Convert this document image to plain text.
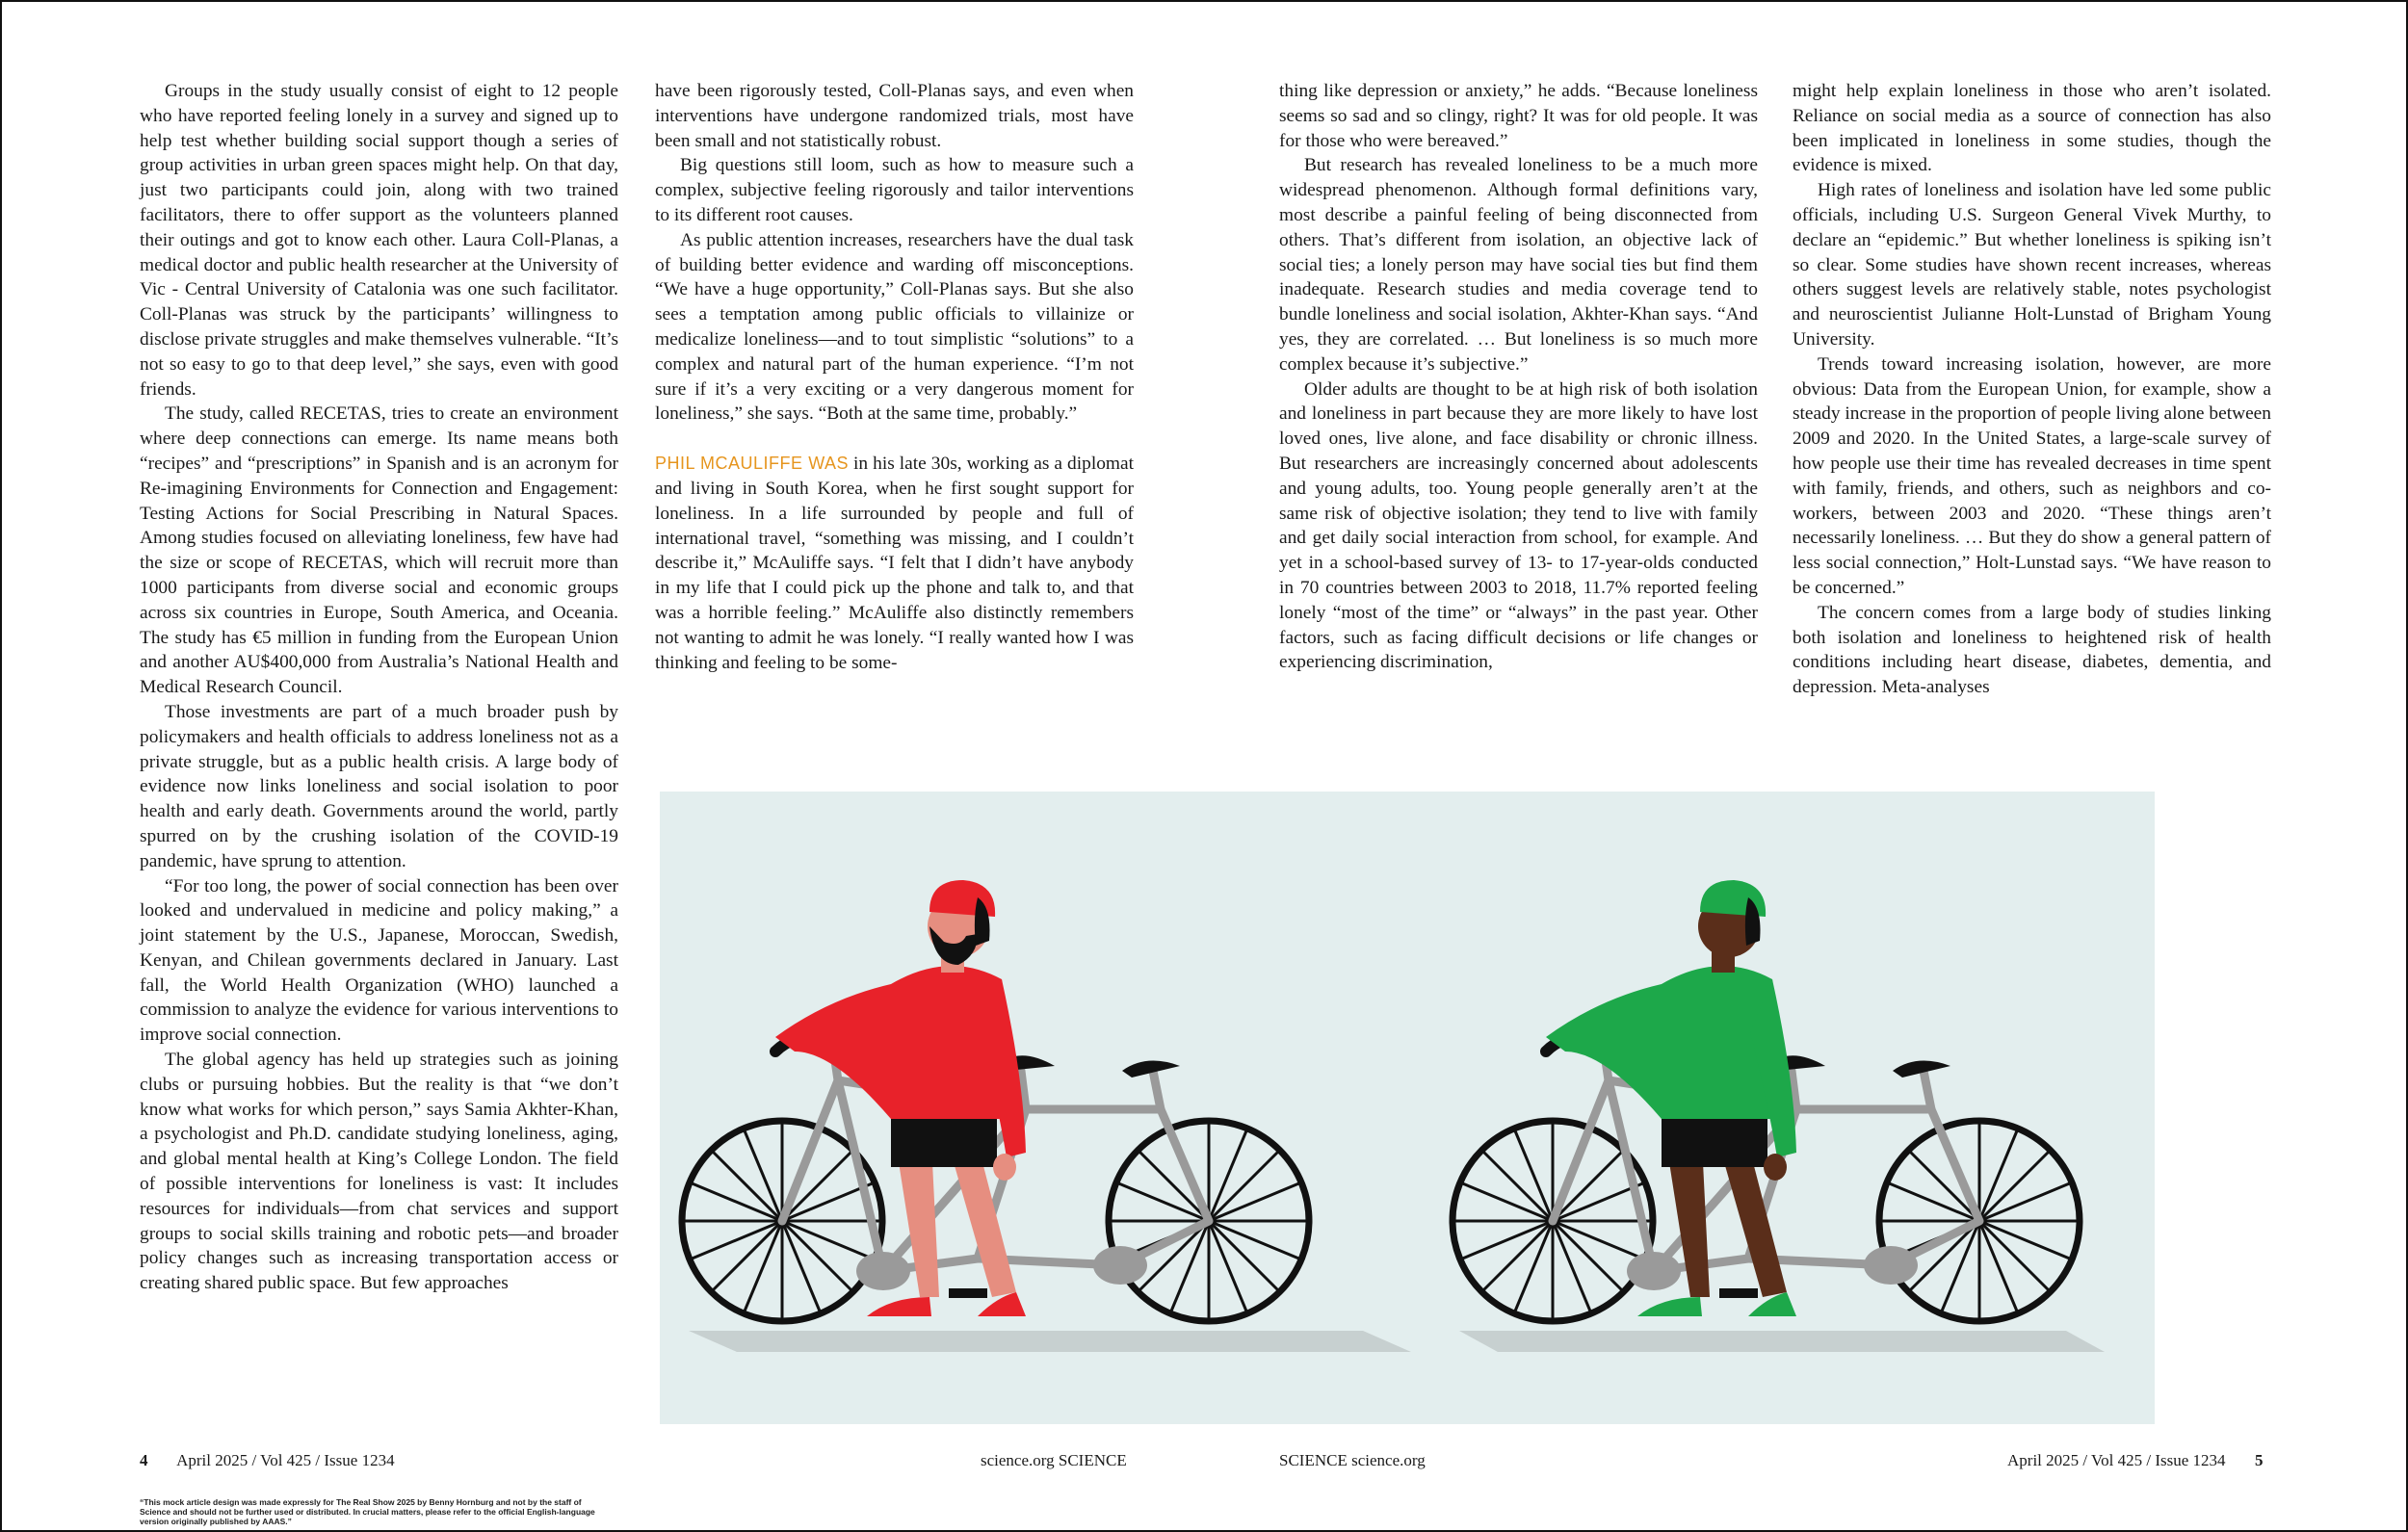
Groups in the study usually consist of eight to 12 people who have reported feeling lonely in a survey and signed up to help test whether building social support though a series of group activities in urban green spaces might help. On that day, just two participants could join, along with two trained facilitators, there to offer support as the volunteers planned their outings and got to know each other. Laura Coll-Planas, a medical doctor and public health researcher at the University of Vic - Central University of Catalonia was one such facilitator. Coll-Planas was struck by the participants’ willingness to disclose private struggles and make themselves vulnerable. “It’s not so easy to go to that deep level,” she says, even with good friends.

The study, called RECETAS, tries to create an environment where deep connections can emerge. Its name means both “recipes” and “prescriptions” in Spanish and is an acronym for Re-imagining Environments for Connection and Engagement: Testing Actions for Social Prescribing in Natural Spaces. Among studies focused on alleviating loneliness, few have had the size or scope of RECETAS, which will recruit more than 1000 participants from diverse social and economic groups across six countries in Europe, South America, and Oceania. The study has €5 million in funding from the European Union and another AU$400,000 from Australia’s National Health and Medical Research Council.

Those investments are part of a much broader push by policymakers and health officials to address loneliness not as a private struggle, but as a public health crisis. A large body of evidence now links loneliness and social isolation to poor health and early death. Governments around the world, partly spurred on by the crushing isolation of the COVID-19 pandemic, have sprung to attention.

“For too long, the power of social connection has been over looked and undervalued in medicine and policy making,” a joint statement by the U.S., Japanese, Moroccan, Swedish, Kenyan, and Chilean governments declared in January. Last fall, the World Health Organization (WHO) launched a commission to analyze the evidence for various interventions to improve social connection.

The global agency has held up strategies such as joining clubs or pursuing hobbies. But the reality is that “we don’t know what works for which person,” says Samia Akhter-Khan, a psychologist and Ph.D. candidate studying loneliness, aging, and global mental health at King’s College London. The field of possible interventions for loneliness is vast: It includes resources for individuals—from chat services and support groups to social skills training and robotic pets—and broader policy changes such as increasing transportation access or creating shared public space. But few approaches

have been rigorously tested, Coll-Planas says, and even when interventions have undergone randomized trials, most have been small and not statistically robust.

Big questions still loom, such as how to measure such a complex, subjective feeling rigorously and tailor interventions to its different root causes.

As public attention increases, researchers have the dual task of building better evidence and warding off misconceptions. “We have a huge opportunity,” Coll-Planas says. But she also sees a temptation among public officials to villainize or medicalize loneliness—and to tout simplistic “solutions” to a complex and natural part of the human experience. “I’m not sure if it’s a very exciting or a very dangerous moment for loneliness,” she says. “Both at the same time, probably.”

PHIL MCAULIFFE WAS in his late 30s, working as a diplomat and living in South Korea, when he first sought support for loneliness. In a life surrounded by people and full of international travel, “something was missing, and I couldn’t describe it,” McAuliffe says. “I felt that I didn’t have anybody in my life that I could pick up the phone and talk to, and that was a horrible feeling.” McAuliffe also distinctly remembers not wanting to admit he was lonely. “I really wanted how I was thinking and feeling to be some-

thing like depression or anxiety,” he adds. “Because loneliness seems so sad and so clingy, right? It was for old people. It was for those who were bereaved.”

But research has revealed loneliness to be a much more widespread phenomenon. Although formal definitions vary, most describe a painful feeling of being disconnected from others. That’s different from isolation, an objective lack of social ties; a lonely person may have social ties but find them inadequate. Research studies and media coverage tend to bundle loneliness and social isolation, Akhter-Khan says. “And yes, they are correlated. … But loneliness is so much more complex because it’s subjective.”

Older adults are thought to be at high risk of both isolation and loneliness in part because they are more likely to have lost loved ones, live alone, and face disability or chronic illness. But researchers are increasingly concerned about adolescents and young adults, too. Young people generally aren’t at the same risk of objective isolation; they tend to live with family and get daily social interaction from school, for example. And yet in a school-based survey of 13- to 17-year-olds conducted in 70 countries between 2003 to 2018, 11.7% reported feeling lonely “most of the time” or “always” in the past year. Other factors, such as facing difficult decisions or life changes or experiencing discrimination,

might help explain loneliness in those who aren’t isolated. Reliance on social media as a source of connection has also been implicated in loneliness in some studies, though the evidence is mixed.

High rates of loneliness and isolation have led some public officials, including U.S. Surgeon General Vivek Murthy, to declare an “epidemic.” But whether loneliness is spiking isn’t so clear. Some studies have shown recent increases, whereas others suggest levels are relatively stable, notes psychologist and neuroscientist Julianne Holt-Lunstad of Brigham Young University.

Trends toward increasing isolation, however, are more obvious: Data from the European Union, for example, show a steady increase in the proportion of people living alone between 2009 and 2020. In the United States, a large-scale survey of how people use their time has revealed decreases in time spent with family, friends, and others, such as neighbors and co-workers, between 2003 and 2020. “These things aren’t necessarily loneliness. … But they do show a general pattern of less social connection,” Holt-Lunstad says. “We have reason to be concerned.”

The concern comes from a large body of studies linking both isolation and loneliness to heightened risk of health conditions including heart disease, diabetes, dementia, and depression. Meta-analyses

4 April 2025 / Vol 425 / Issue 1234	science.org SCIENCE	SCIENCE science.org	April 2025 / Vol 425 / Issue 1234 5
“This mock article design was made expressly for The Real Show 2025 by Benny Hornburg and not by the staff of Science and should not be further used or distributed. In crucial matters, please refer to the official English-language version originally published by AAAS.”
